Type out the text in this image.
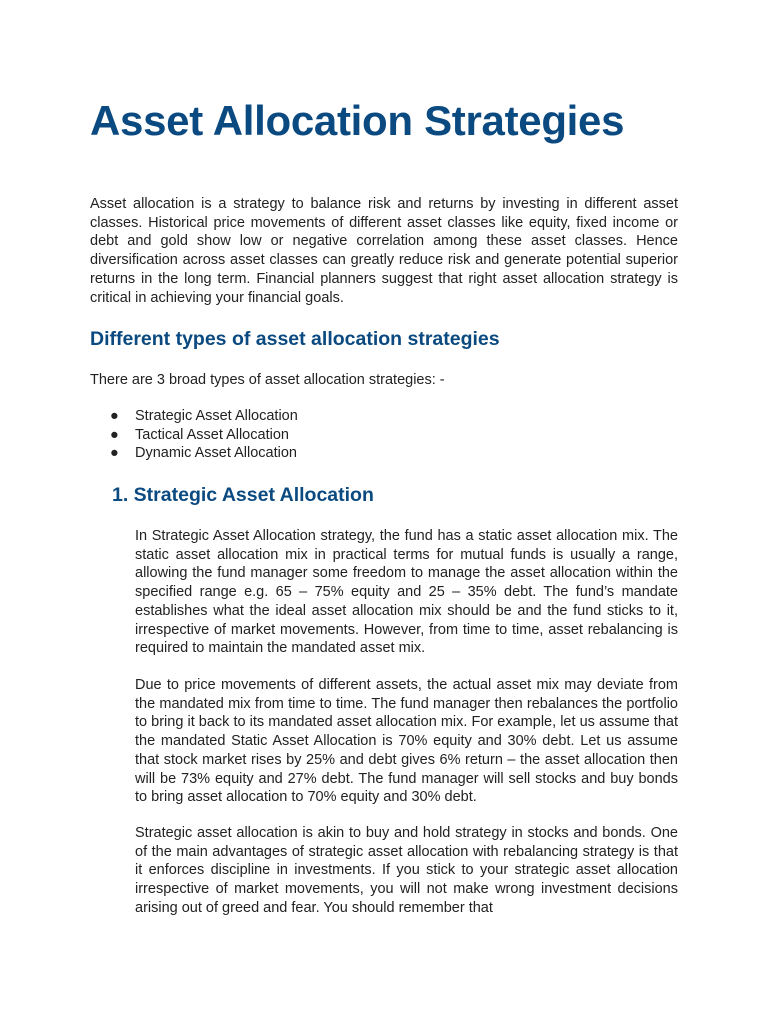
Asset Allocation Strategies

Asset allocation is a strategy to balance risk and returns by investing in different asset classes. Historical price movements of different asset classes like equity, fixed income or debt and gold show low or negative correlation among these asset classes. Hence diversification across asset classes can greatly reduce risk and generate potential superior returns in the long term. Financial planners suggest that right asset allocation strategy is critical in achieving your financial goals.

Different types of asset allocation strategies

There are 3 broad types of asset allocation strategies: -

● Strategic Asset Allocation
● Tactical Asset Allocation
● Dynamic Asset Allocation
1. Strategic Asset Allocation

In Strategic Asset Allocation strategy, the fund has a static asset allocation mix. The static asset allocation mix in practical terms for mutual funds is usually a range, allowing the fund manager some freedom to manage the asset allocation within the specified range e.g. 65 – 75% equity and 25 – 35% debt. The fund’s mandate establishes what the ideal asset allocation mix should be and the fund sticks to it, irrespective of market movements. However, from time to time, asset rebalancing is required to maintain the mandated asset mix.

Due to price movements of different assets, the actual asset mix may deviate from the mandated mix from time to time. The fund manager then rebalances the portfolio to bring it back to its mandated asset allocation mix. For example, let us assume that the mandated Static Asset Allocation is 70% equity and 30% debt. Let us assume that stock market rises by 25% and debt gives 6% return – the asset allocation then will be 73% equity and 27% debt. The fund manager will sell stocks and buy bonds to bring asset allocation to 70% equity and 30% debt.

Strategic asset allocation is akin to buy and hold strategy in stocks and bonds. One of the main advantages of strategic asset allocation with rebalancing strategy is that it enforces discipline in investments. If you stick to your strategic asset allocation irrespective of market movements, you will not make wrong investment decisions arising out of greed and fear. You should remember that
